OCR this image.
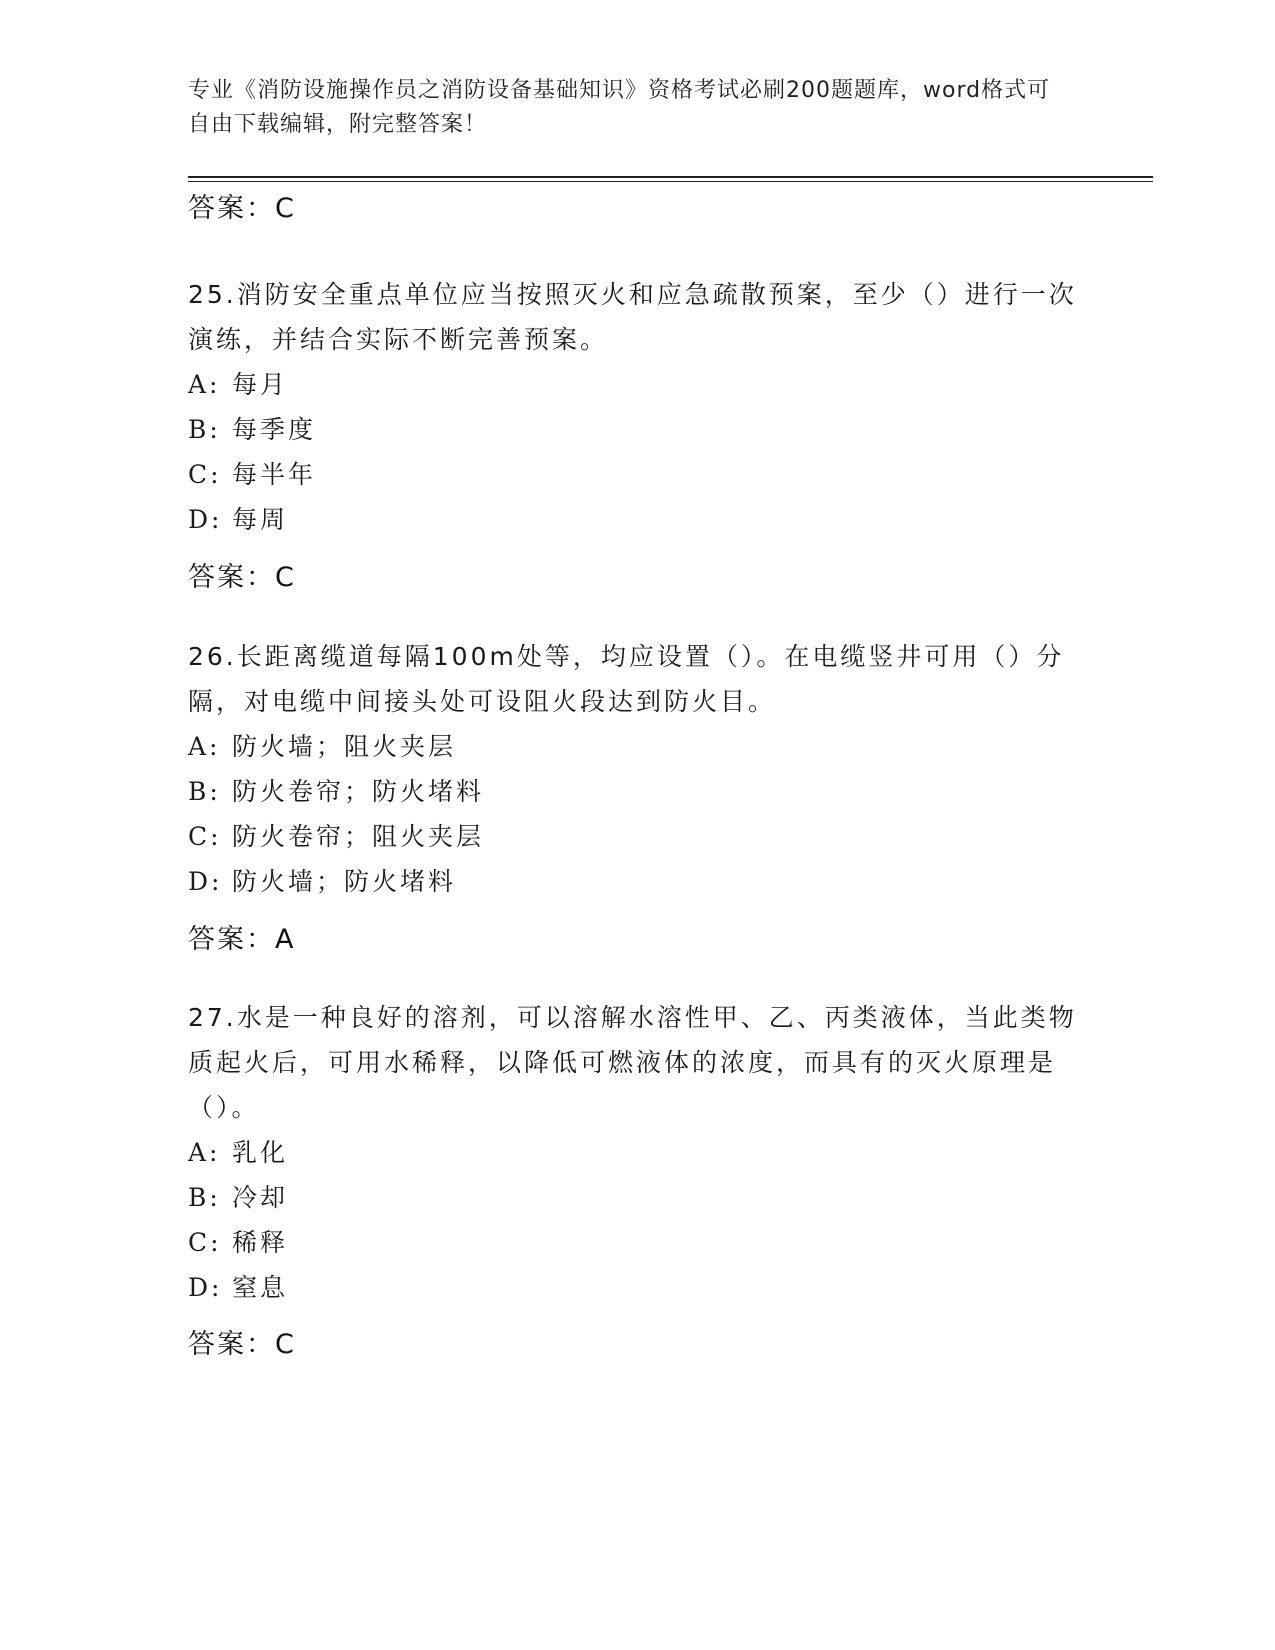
专业《消防设施操作员之消防设备基础知识》资格考试必刷200题题库，word格式可自由下载编辑，附完整答案！
答案：C

25.消防安全重点单位应当按照灭火和应急疏散预案，至少（）进行一次演练，并结合实际不断完善预案。

A: 每月

B: 每季度

C: 每半年

D: 每周

答案：C

26.长距离缆道每隔100m处等，均应设置（）。在电缆竖井可用（）分隔，对电缆中间接头处可设阻火段达到防火目。

A: 防火墙；阻火夹层

B: 防火卷帘；防火堵料

C: 防火卷帘；阻火夹层

D: 防火墙；防火堵料

答案：A

27.水是一种良好的溶剂，可以溶解水溶性甲、乙、丙类液体，当此类物质起火后，可用水稀释，以降低可燃液体的浓度，而具有的灭火原理是（）。

A: 乳化

B: 冷却

C: 稀释

D: 窒息

答案：C
